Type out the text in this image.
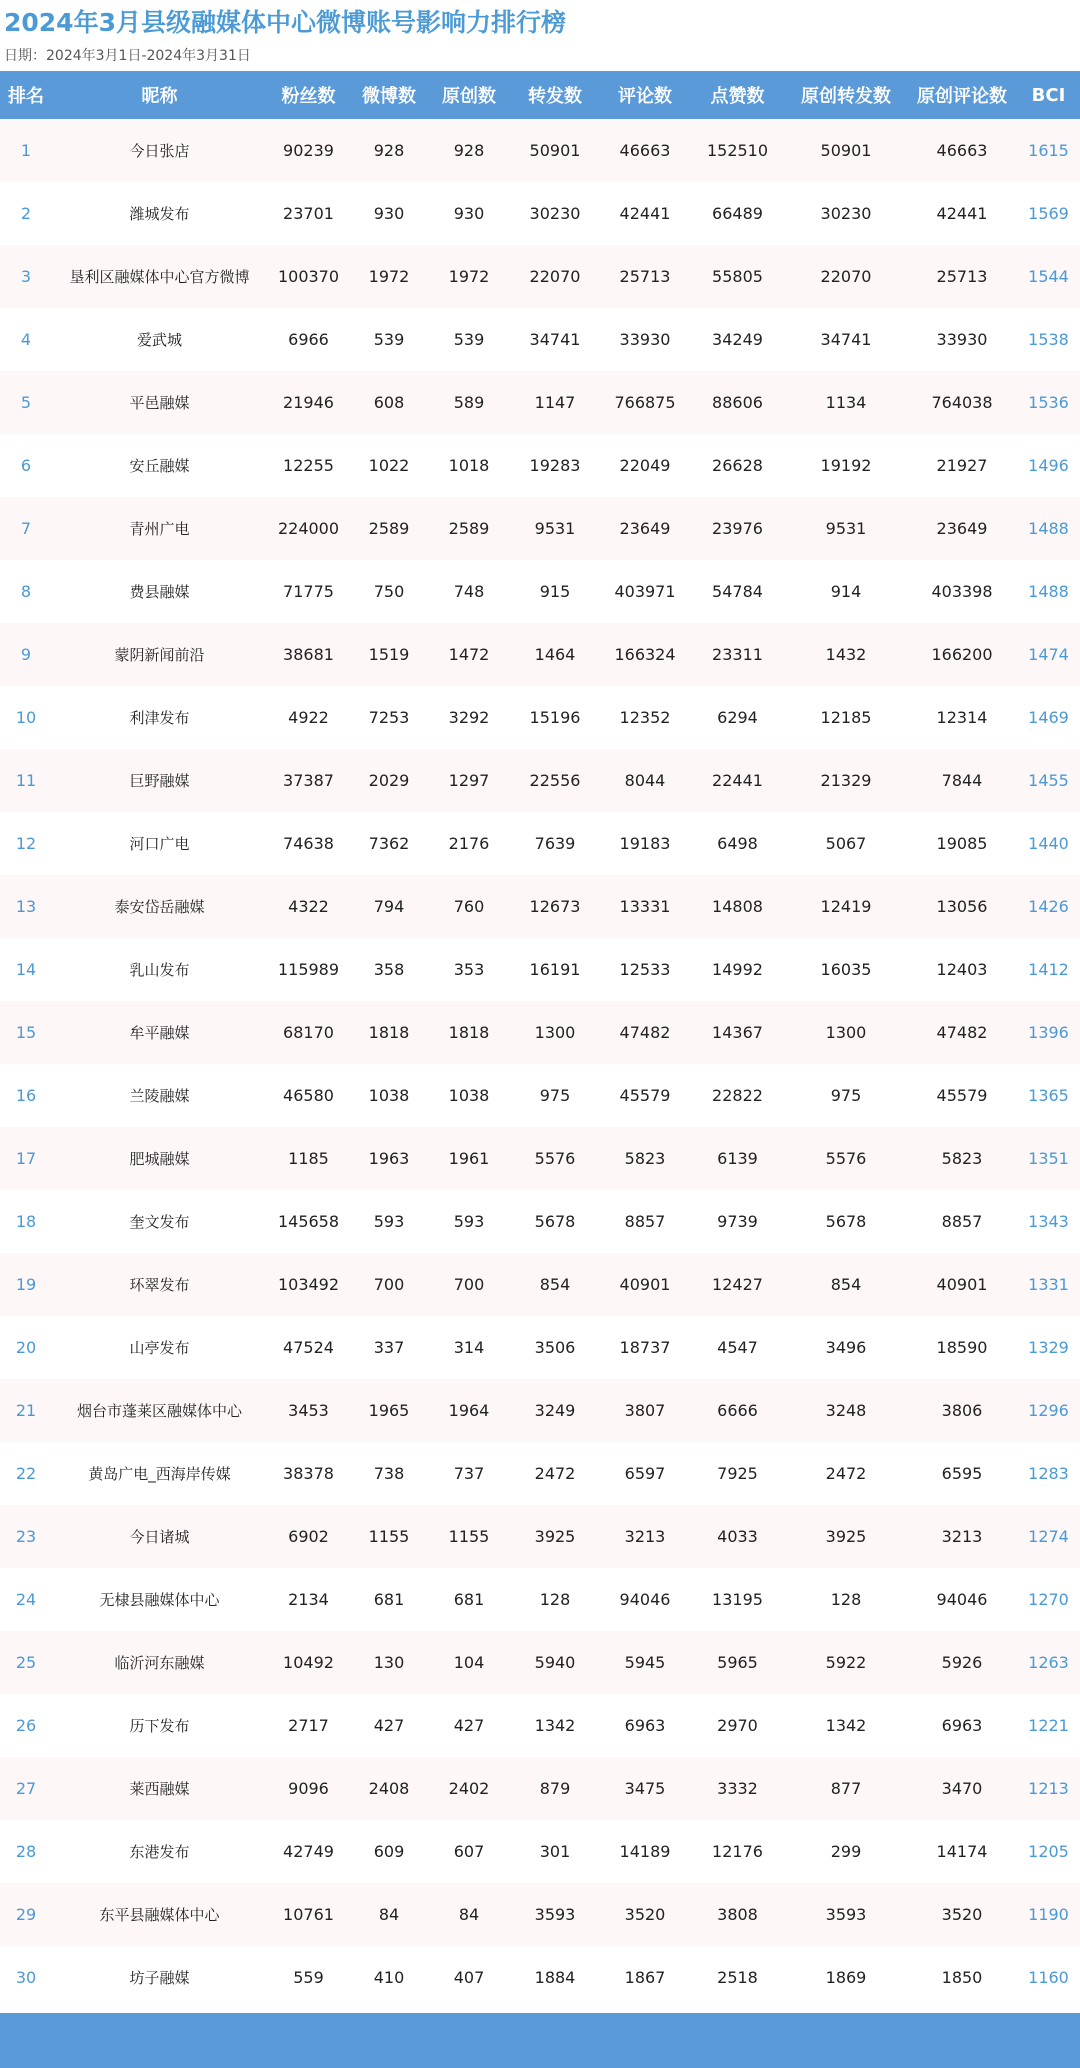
2024年3月县级融媒体中心微博账号影响力排行榜
日期：2024年3月1日-2024年3月31日
排名	昵称	粉丝数	微博数	原创数	转发数	评论数	点赞数	原创转发数	原创评论数	BCI
1	今日张店	90239	928	928	50901	46663	152510	50901	46663	1615
2	潍城发布	23701	930	930	30230	42441	66489	30230	42441	1569
3	垦利区融媒体中心官方微博	100370	1972	1972	22070	25713	55805	22070	25713	1544
4	爱武城	6966	539	539	34741	33930	34249	34741	33930	1538
5	平邑融媒	21946	608	589	1147	766875	88606	1134	764038	1536
6	安丘融媒	12255	1022	1018	19283	22049	26628	19192	21927	1496
7	青州广电	224000	2589	2589	9531	23649	23976	9531	23649	1488
8	费县融媒	71775	750	748	915	403971	54784	914	403398	1488
9	蒙阴新闻前沿	38681	1519	1472	1464	166324	23311	1432	166200	1474
10	利津发布	4922	7253	3292	15196	12352	6294	12185	12314	1469
11	巨野融媒	37387	2029	1297	22556	8044	22441	21329	7844	1455
12	河口广电	74638	7362	2176	7639	19183	6498	5067	19085	1440
13	泰安岱岳融媒	4322	794	760	12673	13331	14808	12419	13056	1426
14	乳山发布	115989	358	353	16191	12533	14992	16035	12403	1412
15	牟平融媒	68170	1818	1818	1300	47482	14367	1300	47482	1396
16	兰陵融媒	46580	1038	1038	975	45579	22822	975	45579	1365
17	肥城融媒	1185	1963	1961	5576	5823	6139	5576	5823	1351
18	奎文发布	145658	593	593	5678	8857	9739	5678	8857	1343
19	环翠发布	103492	700	700	854	40901	12427	854	40901	1331
20	山亭发布	47524	337	314	3506	18737	4547	3496	18590	1329
21	烟台市蓬莱区融媒体中心	3453	1965	1964	3249	3807	6666	3248	3806	1296
22	黄岛广电_西海岸传媒	38378	738	737	2472	6597	7925	2472	6595	1283
23	今日诸城	6902	1155	1155	3925	3213	4033	3925	3213	1274
24	无棣县融媒体中心	2134	681	681	128	94046	13195	128	94046	1270
25	临沂河东融媒	10492	130	104	5940	5945	5965	5922	5926	1263
26	历下发布	2717	427	427	1342	6963	2970	1342	6963	1221
27	莱西融媒	9096	2408	2402	879	3475	3332	877	3470	1213
28	东港发布	42749	609	607	301	14189	12176	299	14174	1205
29	东平县融媒体中心	10761	84	84	3593	3520	3808	3593	3520	1190
30	坊子融媒	559	410	407	1884	1867	2518	1869	1850	1160
